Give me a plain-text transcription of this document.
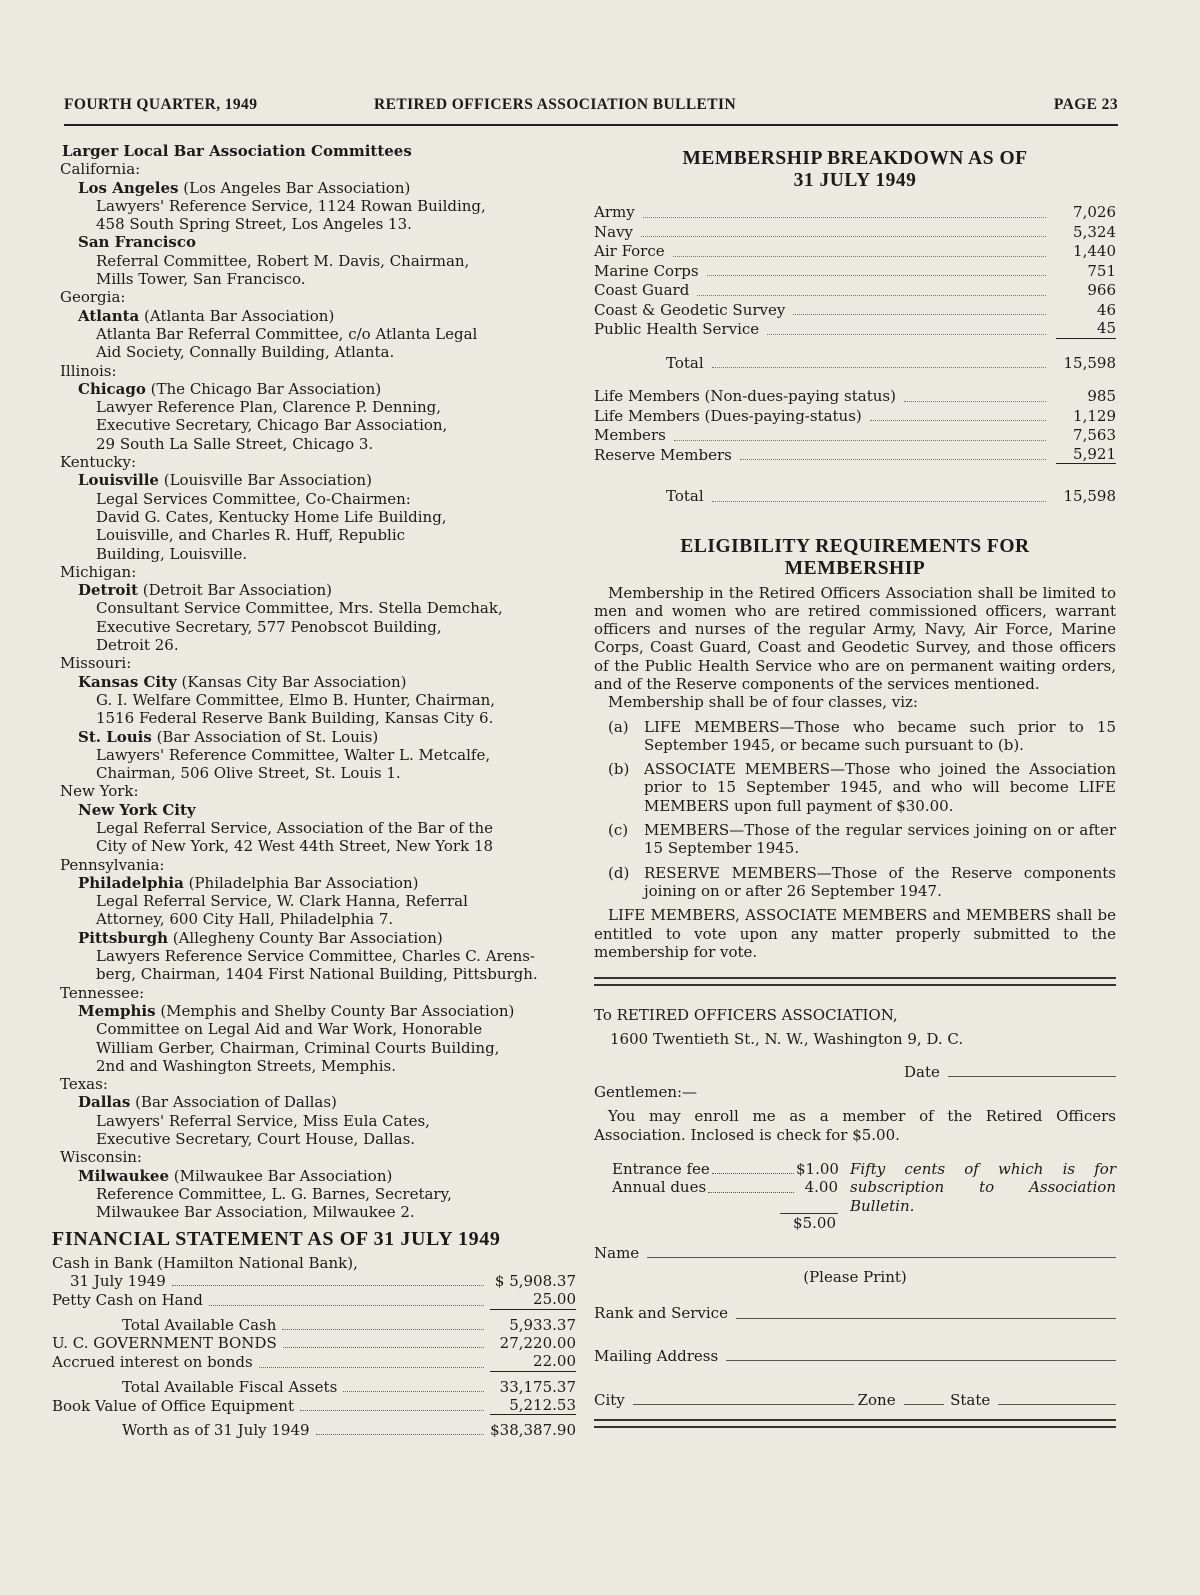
FOURTH QUARTER, 1949	RETIRED OFFICERS ASSOCIATION BULLETIN	PAGE 23
Larger Local Bar Association Committees
California:
Los Angeles (Los Angeles Bar Association)
Lawyers' Reference Service, 1124 Rowan Building,
458 South Spring Street, Los Angeles 13.
San Francisco
Referral Committee, Robert M. Davis, Chairman,
Mills Tower, San Francisco.
Georgia:
Atlanta (Atlanta Bar Association)
Atlanta Bar Referral Committee, c/o Atlanta Legal
Aid Society, Connally Building, Atlanta.
Illinois:
Chicago (The Chicago Bar Association)
Lawyer Reference Plan, Clarence P. Denning,
Executive Secretary, Chicago Bar Association,
29 South La Salle Street, Chicago 3.
Kentucky:
Louisville (Louisville Bar Association)
Legal Services Committee, Co-Chairmen:
David G. Cates, Kentucky Home Life Building,
Louisville, and Charles R. Huff, Republic
Building, Louisville.
Michigan:
Detroit (Detroit Bar Association)
Consultant Service Committee, Mrs. Stella Demchak,
Executive Secretary, 577 Penobscot Building,
Detroit 26.
Missouri:
Kansas City (Kansas City Bar Association)
G. I. Welfare Committee, Elmo B. Hunter, Chairman,
1516 Federal Reserve Bank Building, Kansas City 6.
St. Louis (Bar Association of St. Louis)
Lawyers' Reference Committee, Walter L. Metcalfe,
Chairman, 506 Olive Street, St. Louis 1.
New York:
New York City
Legal Referral Service, Association of the Bar of the
City of New York, 42 West 44th Street, New York 18
Pennsylvania:
Philadelphia (Philadelphia Bar Association)
Legal Referral Service, W. Clark Hanna, Referral
Attorney, 600 City Hall, Philadelphia 7.
Pittsburgh (Allegheny County Bar Association)
Lawyers Reference Service Committee, Charles C. Arens-
berg, Chairman, 1404 First National Building, Pittsburgh.
Tennessee:
Memphis (Memphis and Shelby County Bar Association)
Committee on Legal Aid and War Work, Honorable
William Gerber, Chairman, Criminal Courts Building,
2nd and Washington Streets, Memphis.
Texas:
Dallas (Bar Association of Dallas)
Lawyers' Referral Service, Miss Eula Cates,
Executive Secretary, Court House, Dallas.
Wisconsin:
Milwaukee (Milwaukee Bar Association)
Reference Committee, L. G. Barnes, Secretary,
Milwaukee Bar Association, Milwaukee 2.
FINANCIAL STATEMENT AS OF 31 JULY 1949
Cash in Bank (Hamilton National Bank),
31 July 1949	$ 5,908.37
Petty Cash on Hand	25.00
Total Available Cash	5,933.37
U. C. GOVERNMENT BONDS	27,220.00
Accrued interest on bonds	22.00
Total Available Fiscal Assets	33,175.37
Book Value of Office Equipment	5,212.53
Worth as of 31 July 1949	$38,387.90
MEMBERSHIP BREAKDOWN AS OF
31 JULY 1949
Army	7,026
Navy	5,324
Air Force	1,440
Marine Corps	751
Coast Guard	966
Coast & Geodetic Survey	46
Public Health Service	45
Total	15,598
Life Members (Non-dues-paying status)	985
Life Members (Dues-paying-status)	1,129
Members	7,563
Reserve Members	5,921
Total	15,598
ELIGIBILITY REQUIREMENTS FOR
MEMBERSHIP
Membership in the Retired Officers Association shall be limited to men and women who are retired commissioned officers, warrant officers and nurses of the regular Army, Navy, Air Force, Marine Corps, Coast Guard, Coast and Geodetic Survey, and those officers of the Public Health Service who are on permanent waiting orders, and of the Reserve components of the services mentioned.
Membership shall be of four classes, viz:
(a)	LIFE MEMBERS—Those who became such prior to 15 September 1945, or became such pursuant to (b).
(b) ASSOCIATE MEMBERS—Those who joined the Association prior to 15 September 1945, and who will become LIFE MEMBERS upon full payment of $30.00.
(c)	MEMBERS—Those of the regular services joining on or after 15 September 1945.
(d) RESERVE MEMBERS—Those of the Reserve components joining on or after 26 September 1947.
LIFE MEMBERS, ASSOCIATE MEMBERS and MEMBERS shall be entitled to vote upon any matter properly submitted to the membership for vote.
To RETIRED OFFICERS ASSOCIATION,
1600 Twentieth St., N. W., Washington 9, D. C.
Date
Gentlemen:—
You may enroll me as a member of the Retired Officers Association. Inclosed is check for $5.00.
Entrance fee	$1.00
Annual dues	4.00
$5.00
Fifty cents of which is for subscription to Association Bulletin.
Name
(Please Print)
Rank and Service
Mailing Address
City	Zone	State
